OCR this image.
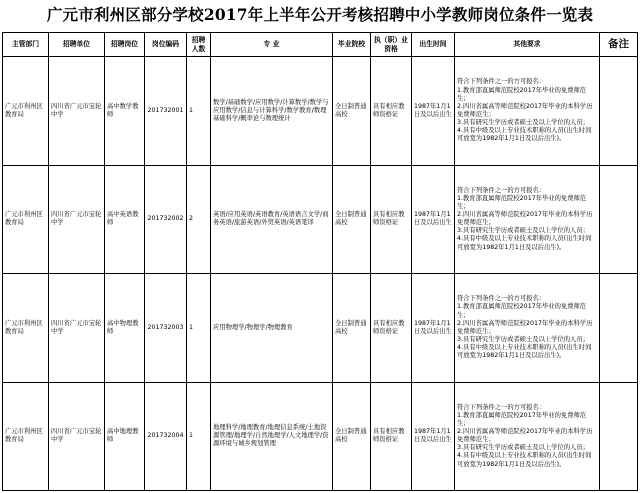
广元市利州区部分学校2017年上半年公开考核招聘中小学教师岗位条件一览表
主管部门	招聘单位	招聘岗位	岗位编码	招聘人数	专 业	毕业院校	执（职）业资格	出生时间	其他要求	备注
广元市利州区教育局	四川省广元市宝轮中学	高中数学教师	201732001	1	数学/基础数学/应用数学/计算数学/数学与应用数学/信息与计算科学/数学教育/数理基础科学/概率论与数理统计	全日制普通高校	具有相应教师资格证	1987年1月1日及以后出生	符合下列条件之一的方可报名：
1.教育部直属师范院校2017年毕业的免费师范生；
2.四川省属高等师范院校2017年毕业的本科学历免费师范生；
3.具有研究生学历或者硕士及以上学位的人员；
4.具有中级及以上专业技术职称的人员(出生时间可放宽为1982年1月1日及以后出生)。	

广元市利州区教育局	四川省广元市宝轮中学	高中英语教师	201732002	2	英语/应用英语/英语教育/英语语言文学/商务英语/旅游英语/外贸英语/英语笔译	全日制普通高校	具有相应教师资格证	1987年1月1日及以后出生	符合下列条件之一的方可报名：
1.教育部直属师范院校2017年毕业的免费师范生；
2.四川省属高等师范院校2017年毕业的本科学历免费师范生；
3.具有研究生学历或者硕士及以上学位的人员；
4.具有中级及以上专业技术职称的人员(出生时间可放宽为1982年1月1日及以后出生)。	

广元市利州区教育局	四川省广元市宝轮中学	高中物理教师	201732003	1	应用物理学/物理学/物理教育	全日制普通高校	具有相应教师资格证	1987年1月1日及以后出生	符合下列条件之一的方可报名：
1.教育部直属师范院校2017年毕业的免费师范生；
2.四川省属高等师范院校2017年毕业的本科学历免费师范生；
3.具有研究生学历或者硕士及以上学位的人员；
4.具有中级及以上专业技术职称的人员(出生时间可放宽为1982年1月1日及以后出生)。	

广元市利州区教育局	四川省广元市宝轮中学	高中地理教师	201732004	1	地理科学/地理教育/地理信息系统/土地资源管理/地理学/自然地理学/人文地理学/资源环境与城乡规划管理	全日制普通高校	具有相应教师资格证	1987年1月1日及以后出生	符合下列条件之一的方可报名：
1.教育部直属师范院校2017年毕业的免费师范生；
2.四川省属高等师范院校2017年毕业的本科学历免费师范生；
3.具有研究生学历或者硕士及以上学位的人员；
4.具有中级及以上专业技术职称的人员(出生时间可放宽为1982年1月1日及以后出生)。	
